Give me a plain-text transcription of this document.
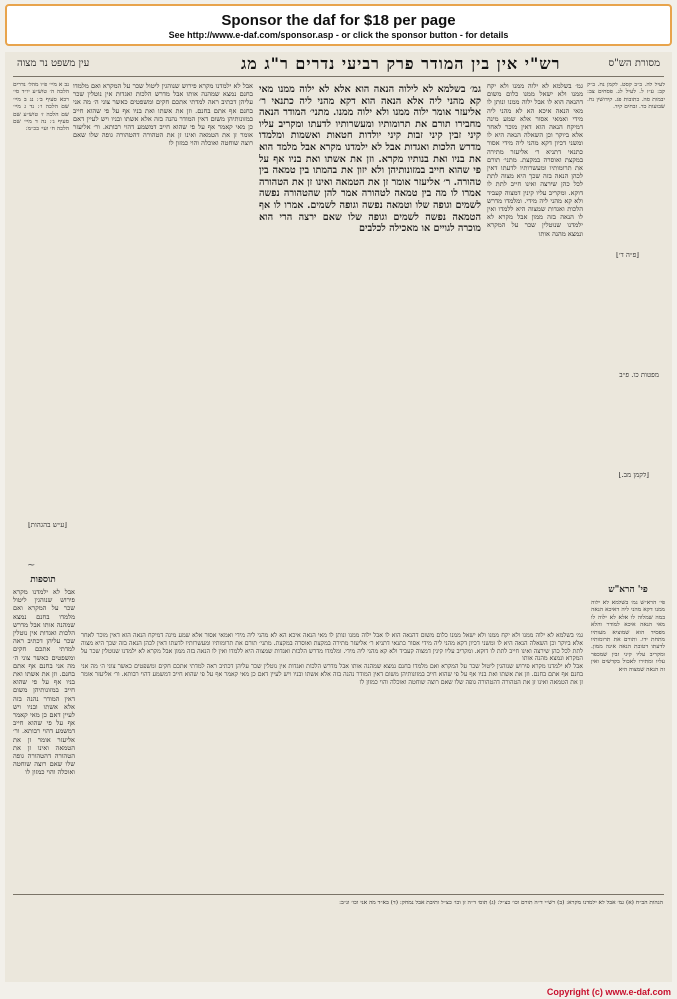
Sponsor the daf for $18 per page
See http://www.e-daf.com/sponsor.asp - or click the sponsor button - for details
מסורת הש"ס
רש"י אין בין המודר פרק רביעי נדרים ר"ג מג
עין משפט נר מצוה

לעיל לה. ב״ב קסט. לקמן נח. ב״ק קב: ע״ז ל. לעיל לג. פסחים צב: יבמות סה. כתובות פג. קידושין נח. שבועות כד. זבחים קיד.

[פ״ה ד׳]

מפטות כו. פ״ב

[לקמן מב.]

גמ׳ בשלמא לא ילוה ממנו ולא יקח ממנו ולא ישאל ממנו כלום משום דהנאה הוא לו אבל ילוה ממנו ונותן לו מאי הנאה איכא הא לא מהני ליה מידי ואמאי אסור אלא שמע מינה דמיקח הנאה הוא דאין מוכר לאחר אלא ביוקר וכן השאלה הנאה היא לו ומשני דכיון דקא מהני ליה מידי אסור כתנאי דתניא ר׳ אליעזר מתירה במקצת ואוסרה במקצת. מתני׳ תורם את תרומותיו ומעשרותיו לדעתו דאין לכהן הנאה בזה שכך היא מצוה לתת לכל כהן שירצה ואינו חייב לתת לו דוקא. ומקריב עליו קינין דמצוה קעביד ולא קא מהני ליה מידי. ומלמדו מדרש הלכות ואגדות שמצוה היא ללמדו ואין לו הנאה בזה ממון אבל מקרא לא ילמדנו שנוטלין שכר על המקרא ונמצא מהנה אותו

גמ׳ בשלמא לא לילוה הנאה הוא אלא לא ילוה ממנו מאי קא מהני ליה אלא הנאה הוא דקא מהני ליה כתנאי ר׳ אליעזר אומר ילוה ממנו ולא ילוה ממנו. מתני׳ המודר הנאה מחבירו תורם את תרומותיו ומעשרותיו לדעתו ומקריב עליו קיני זבין קיני זבות קיני יולדות חטאות ואשמות ומלמדו מדרש הלכות ואגדות אבל לא ילמדנו מקרא אבל מלמד הוא את בניו ואת בנותיו מקרא. וזן את אשתו ואת בניו אף על פי שהוא חייב במזונותיהן ולא יזון את בהמתו בין טמאה בין טהורה. ר׳ אליעזר אומר זן את הטמאה ואינו זן את הטהורה אמרו לו מה בין טמאה לטהורה אמר להן שהטהורה נפשה לשמים וגופה שלו וטמאה נפשה וגופה לשמים. אמרו לו אף הטמאה נפשה לשמים וגופה שלו שאם ירצה הרי הוא מוכרה לגויים או מאכילה לכלבים

אבל לא ילמדנו מקרא פירוש שנוהגין ליטול שכר על המקרא ואם מלמדו בחנם נמצא שמהנה אותו אבל מדרש הלכות ואגדות אין נוטלין שכר עליהן דכתיב ראה למדתי אתכם חקים ומשפטים כאשר צוני ה׳ מה אני בחנם אף אתם בחנם. וזן את אשתו ואת בניו אף על פי שהוא חייב במזונותיהן משום דאין המודר נהנה בזה אלא אשתו ובניו ויש לעיין דאם כן מאי קאמר אף על פי שהוא חייב דמשמע דהוי רבותא. ור׳ אליעזר אומר זן את הטמאה ואינו זן את הטהורה דהטהורה גופה שלו שאם רוצה שוחטה ואוכלה והוי כמזון לו

נב א מיי׳ פ״ו מהל׳ נדרים הלכה ה׳ טוש״ע יו״ד סי׳ רכא סעיף ב׳: נג ב מיי׳ שם הלכה ו׳: נד ג מיי׳ שם הלכה ז׳ טוש״ע שם סעיף ג׳: נה ד מיי׳ שם הלכה ח׳ ועי׳ בכ״מ:

[ע״ש בהגהות]

תוספות
~

אבל לא ילמדנו מקרא פירוש שנוהגין ליטול שכר על המקרא ואם מלמדו בחנם נמצא שמהנה אותו אבל מדרש הלכות ואגדות אין נוטלין שכר עליהן דכתיב ראה למדתי אתכם חקים ומשפטים כאשר צוני ה׳ מה אני בחנם אף אתם בחנם. וזן את אשתו ואת בניו אף על פי שהוא חייב במזונותיהן משום דאין המודר נהנה בזה אלא אשתו ובניו ויש לעיין דאם כן מאי קאמר אף על פי שהוא חייב דמשמע דהוי רבותא. ור׳ אליעזר אומר זן את הטמאה ואינו זן את הטהורה דהטהורה גופה שלו שאם רוצה שוחטה ואוכלה והוי כמזון לו

פי' הרא"ש

פי׳ הרא״ש גמ׳ בשלמא לא ילוה ממנו דקא מהני ליה דאיכא הנאה במה שמלוה לו אלא לא ילוה לו מאי הנאה איכא למודר והלא מפסיד הוא שמוציא מעותיו מתחת ידו. ותורם את תרומותיו לדעתו דטובת הנאה אינה ממון. ומקריב עליו קיני זבין שמכפר עליו ומתירו לאכול בקדשים ואין זה הנאה שמצוה היא

גמ׳ בשלמא לא ילוה ממנו ולא יקח ממנו ולא ישאל ממנו כלום משום דהנאה הוא לו אבל ילוה ממנו ונותן לו מאי הנאה איכא הא לא מהני ליה מידי ואמאי אסור אלא שמע מינה דמיקח הנאה הוא דאין מוכר לאחר אלא ביוקר וכן השאלה הנאה היא לו ומשני דכיון דקא מהני ליה מידי אסור כתנאי דתניא ר׳ אליעזר מתירה במקצת ואוסרה במקצת. מתני׳ תורם את תרומותיו ומעשרותיו לדעתו דאין לכהן הנאה בזה שכך היא מצוה לתת לכל כהן שירצה ואינו חייב לתת לו דוקא. ומקריב עליו קינין דמצוה קעביד ולא קא מהני ליה מידי. ומלמדו מדרש הלכות ואגדות שמצוה היא ללמדו ואין לו הנאה בזה ממון אבל מקרא לא ילמדנו שנוטלין שכר על המקרא ונמצא מהנה אותו

אבל לא ילמדנו מקרא פירוש שנוהגין ליטול שכר על המקרא ואם מלמדו בחנם נמצא שמהנה אותו אבל מדרש הלכות ואגדות אין נוטלין שכר עליהן דכתיב ראה למדתי אתכם חקים ומשפטים כאשר צוני ה׳ מה אני בחנם אף אתם בחנם. וזן את אשתו ואת בניו אף על פי שהוא חייב במזונותיהן משום דאין המודר נהנה בזה אלא אשתו ובניו ויש לעיין דאם כן מאי קאמר אף על פי שהוא חייב דמשמע דהוי רבותא. ור׳ אליעזר אומר זן את הטמאה ואינו זן את הטהורה דהטהורה גופה שלו שאם רוצה שוחטה ואוכלה והוי כמזון לו

הגהות הב״ח (א) גמ׳ אבל לא ילמדנו מקרא: (ב) רש״י ד״ה תורם וכו׳ כצ״ל: (ג) תוס׳ ד״ה זן וכו׳ כצ״ל ותיבת אבל נמחק: (ד) בא״ד מה אני וכו׳ ונ״ב:

Copyright (c) www.e-daf.com
